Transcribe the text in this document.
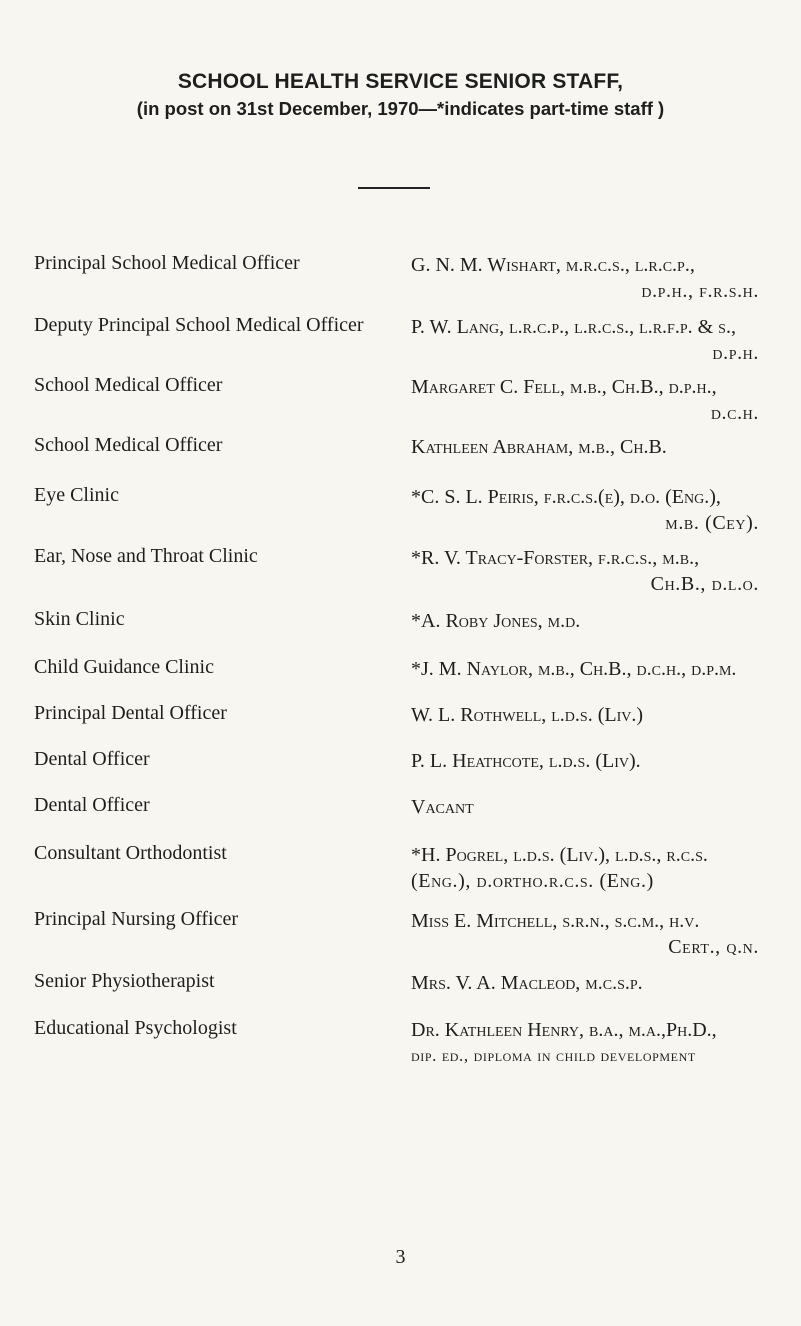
SCHOOL HEALTH SERVICE SENIOR STAFF,
(in post on 31st December, 1970—*indicates part-time staff )
Principal School Medical Officer	G. N. M. Wishart, m.r.c.s., l.r.c.p.,
d.p.h., f.r.s.h.
Deputy Principal School Medical Officer P. W. Lang, l.r.c.p., l.r.c.s., l.r.f.p. & s.,
d.p.h.
School Medical Officer	Margaret C. Fell, m.b., Ch.B., d.p.h.,
d.c.h.
School Medical Officer	Kathleen Abraham, m.b., Ch.B.
Eye Clinic	*C. S. L. Peiris, f.r.c.s.(e), d.o. (Eng.),
m.b. (Cey).
Ear, Nose and Throat Clinic	*R. V. Tracy-Forster, f.r.c.s., m.b.,
Ch.B., d.l.o.
Skin Clinic	*A. Roby Jones, m.d.
Child Guidance Clinic	*J. M. Naylor, m.b., Ch.B., d.c.h., d.p.m.
Principal Dental Officer	W. L. Rothwell, l.d.s. (Liv.)
Dental Officer	P. L. Heathcote, l.d.s. (Liv).
Dental Officer	Vacant
Consultant Orthodontist	*H. Pogrel, l.d.s. (Liv.), l.d.s., r.c.s.
(Eng.), d.ortho.r.c.s. (Eng.)
Principal Nursing Officer	Miss E. Mitchell, s.r.n., s.c.m., h.v.
Cert., q.n.
Senior Physiotherapist	Mrs. V. A. Macleod, m.c.s.p.
Educational Psychologist	Dr. Kathleen Henry, b.a., m.a.,Ph.D.,
dip. ed., diploma in child development
3
